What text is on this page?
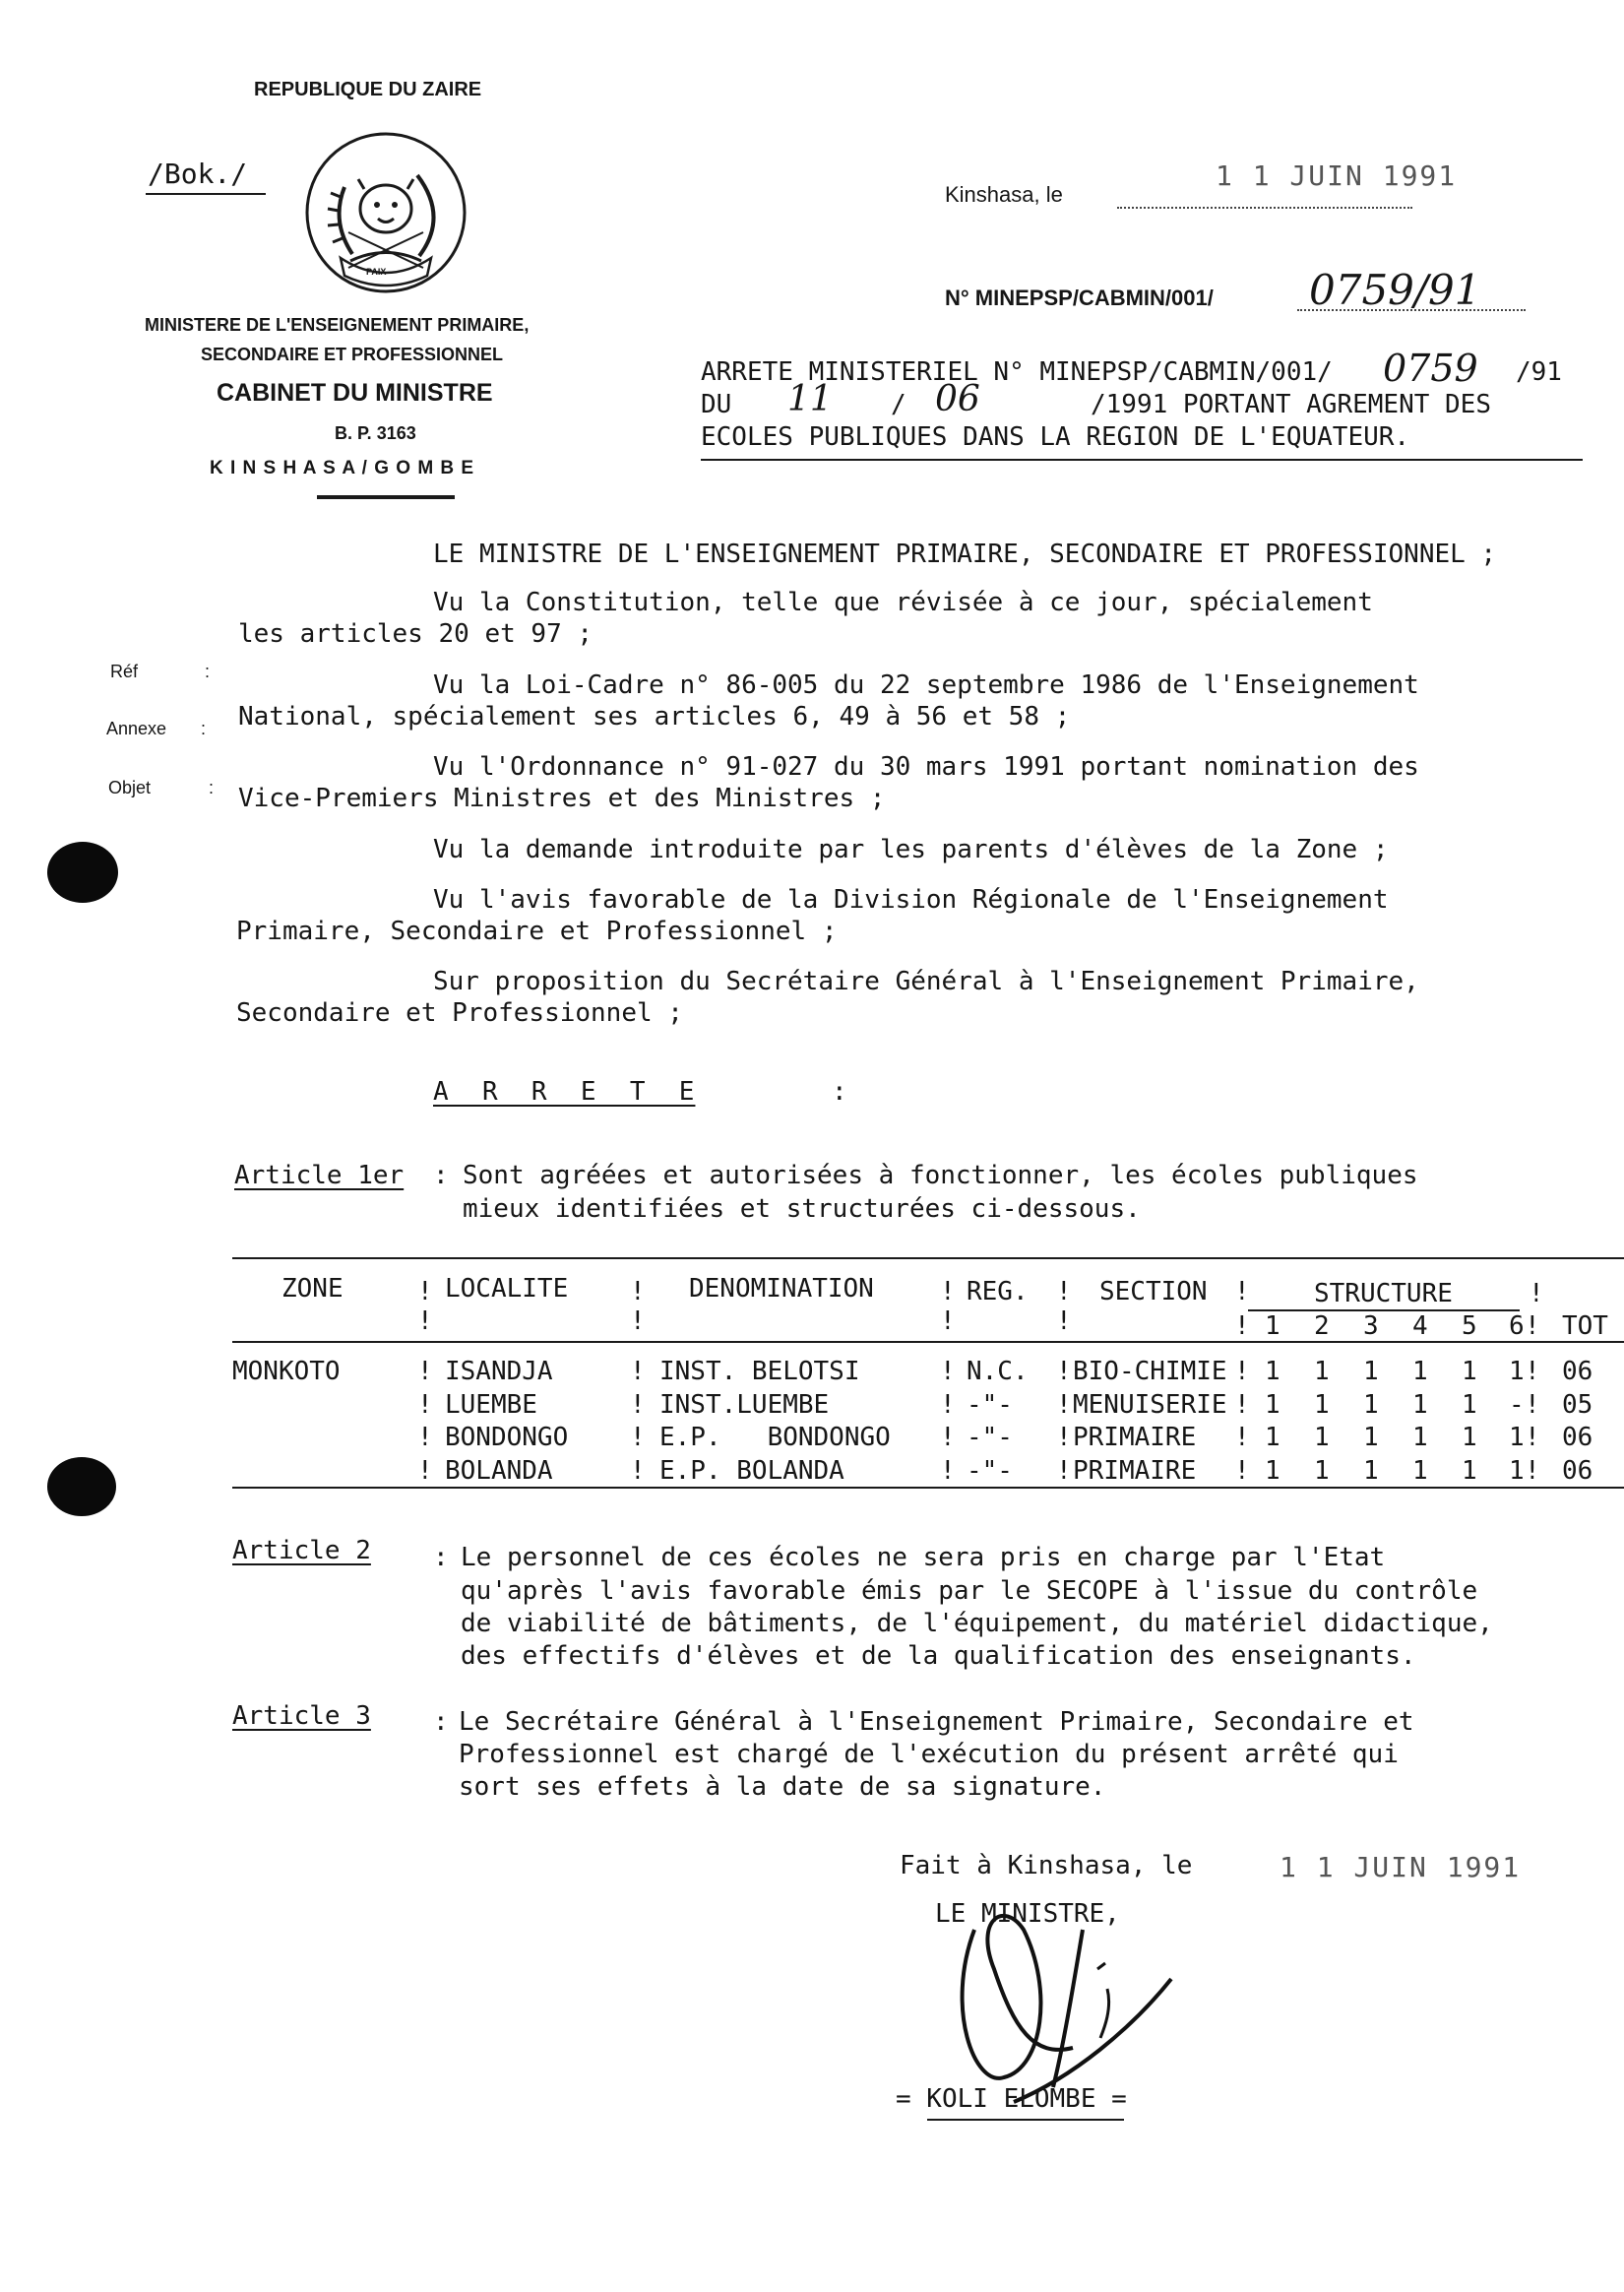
REPUBLIQUE DU ZAIRE
/Bok./
PAIX
MINISTERE DE L'ENSEIGNEMENT PRIMAIRE,
SECONDAIRE ET PROFESSIONNEL
CABINET DU MINISTRE
B. P. 3163
K I N S H A S A / G O M B E
Kinshasa, le
1 1 JUIN 1991
N° MINEPSP/CABMIN/001/ 0759/91
ARRETE MINISTERIEL N° MINEPSP/CABMIN/001/ 0759 /91
DU 11 / 06	/1991 PORTANT AGREMENT DES
ECOLES PUBLIQUES DANS LA REGION DE L'EQUATEUR.
Réf	:
Annexe :
Objet	:
LE MINISTRE DE L'ENSEIGNEMENT PRIMAIRE, SECONDAIRE ET PROFESSIONNEL ;
Vu la Constitution, telle que révisée à ce jour, spécialement
les articles 20 et 97 ;
Vu la Loi-Cadre n° 86-005 du 22 septembre 1986 de l'Enseignement
National, spécialement ses articles 6, 49 à 56 et 58 ;
Vu l'Ordonnance n° 91-027 du 30 mars 1991 portant nomination des
Vice-Premiers Ministres et des Ministres ;
Vu la demande introduite par les parents d'élèves de la Zone ;
Vu l'avis favorable de la Division Régionale de l'Enseignement
Primaire, Secondaire et Professionnel ;
Sur proposition du Secrétaire Général à l'Enseignement Primaire,
Secondaire et Professionnel ;
A  R  R  E  T  E	:
Article 1er : Sont agréées et autorisées à fonctionner, les écoles publiques
mieux identifiées et structurées ci-dessous.
ZONE	! LOCALITE ! DENOMINATION	! REG. ! SECTION !	STRUCTURE	!
!	!	!	!	! 1 2 3 4 5 6 ! TOT
MONKOTO	! ISANDJA	! INST. BELOTSI	! N.C. ! BIO-CHIMIE ! 1 1 1 1 1 1 ! 06
! LUEMBE	! INST.LUEMBE	! -"- ! MENUISERIE ! 1 1 1 1 1 - ! 05
! BONDONGO ! E.P.   BONDONGO ! -"- ! PRIMAIRE ! 1 1 1 1 1 1 ! 06
! BOLANDA	! E.P. BOLANDA	! -"- ! PRIMAIRE ! 1 1 1 1 1 1 ! 06
Article 2 : Le personnel de ces écoles ne sera pris en charge par l'Etat
qu'après l'avis favorable émis par le SECOPE à l'issue du contrôle
de viabilité de bâtiments, de l'équipement, du matériel didactique,
des effectifs d'élèves et de la qualification des enseignants.
Article 3 : Le Secrétaire Général à l'Enseignement Primaire, Secondaire et
Professionnel est chargé de l'exécution du présent arrêté qui
sort ses effets à la date de sa signature.
Fait à Kinshasa, le	1 1 JUIN 1991
LE MINISTRE,
= KOLI ELOMBE =
